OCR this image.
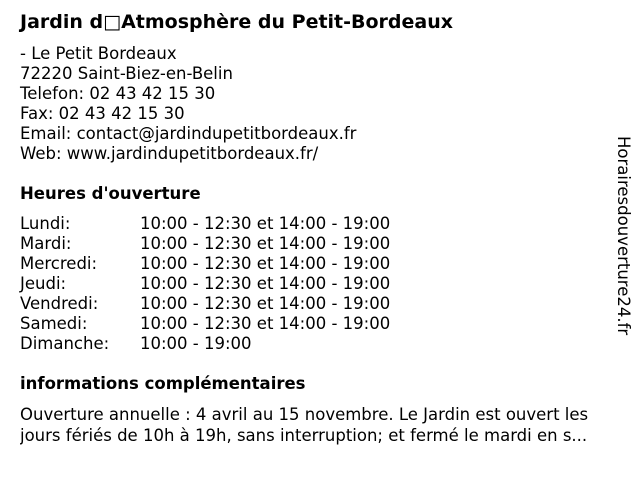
Jardin d□Atmosphère du Petit-Bordeaux
- Le Petit Bordeaux
72220 Saint-Biez-en-Belin
Telefon: 02 43 42 15 30
Fax: 02 43 42 15 30
Email: contact@jardindupetitbordeaux.fr
Web: www.jardindupetitbordeaux.fr/
Heures d'ouverture
Lundi:	10:00 - 12:30 et 14:00 - 19:00
Mardi:	10:00 - 12:30 et 14:00 - 19:00
Mercredi:	10:00 - 12:30 et 14:00 - 19:00
Jeudi:	10:00 - 12:30 et 14:00 - 19:00
Vendredi:	10:00 - 12:30 et 14:00 - 19:00
Samedi:	10:00 - 12:30 et 14:00 - 19:00
Dimanche: 10:00 - 19:00
informations complémentaires
Ouverture annuelle : 4 avril au 15 novembre. Le Jardin est ouvert les
jours fériés de 10h à 19h, sans interruption; et fermé le mardi en s...
Horairesdouverture24.fr
